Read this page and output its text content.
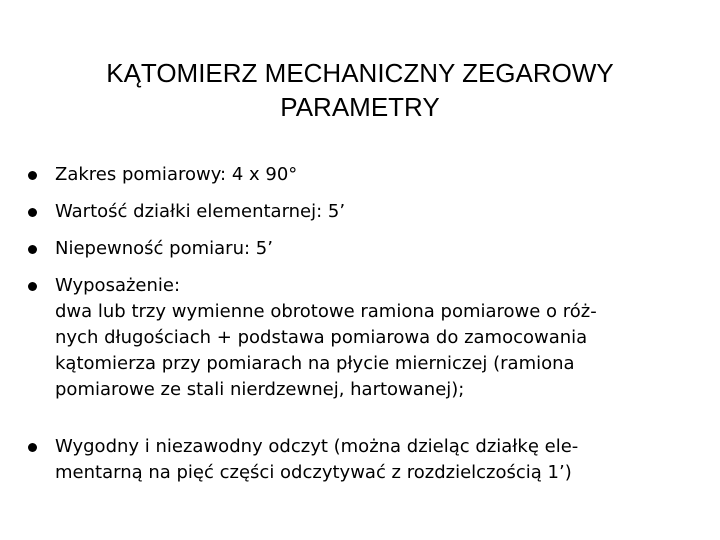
KĄTOMIERZ MECHANICZNY ZEGAROWY
PARAMETRY
Zakres pomiarowy: 4 x 90°
Wartość działki elementarnej: 5’
Niepewność pomiaru: 5’
Wyposażenie:
dwa lub trzy wymienne obrotowe ramiona pomiarowe o róż-
nych długościach + podstawa pomiarowa do zamocowania
kątomierza przy pomiarach na płycie mierniczej (ramiona
pomiarowe ze stali nierdzewnej, hartowanej);
Wygodny i niezawodny odczyt (można dzieląc działkę ele-
mentarną na pięć części odczytywać z rozdzielczością 1’)
